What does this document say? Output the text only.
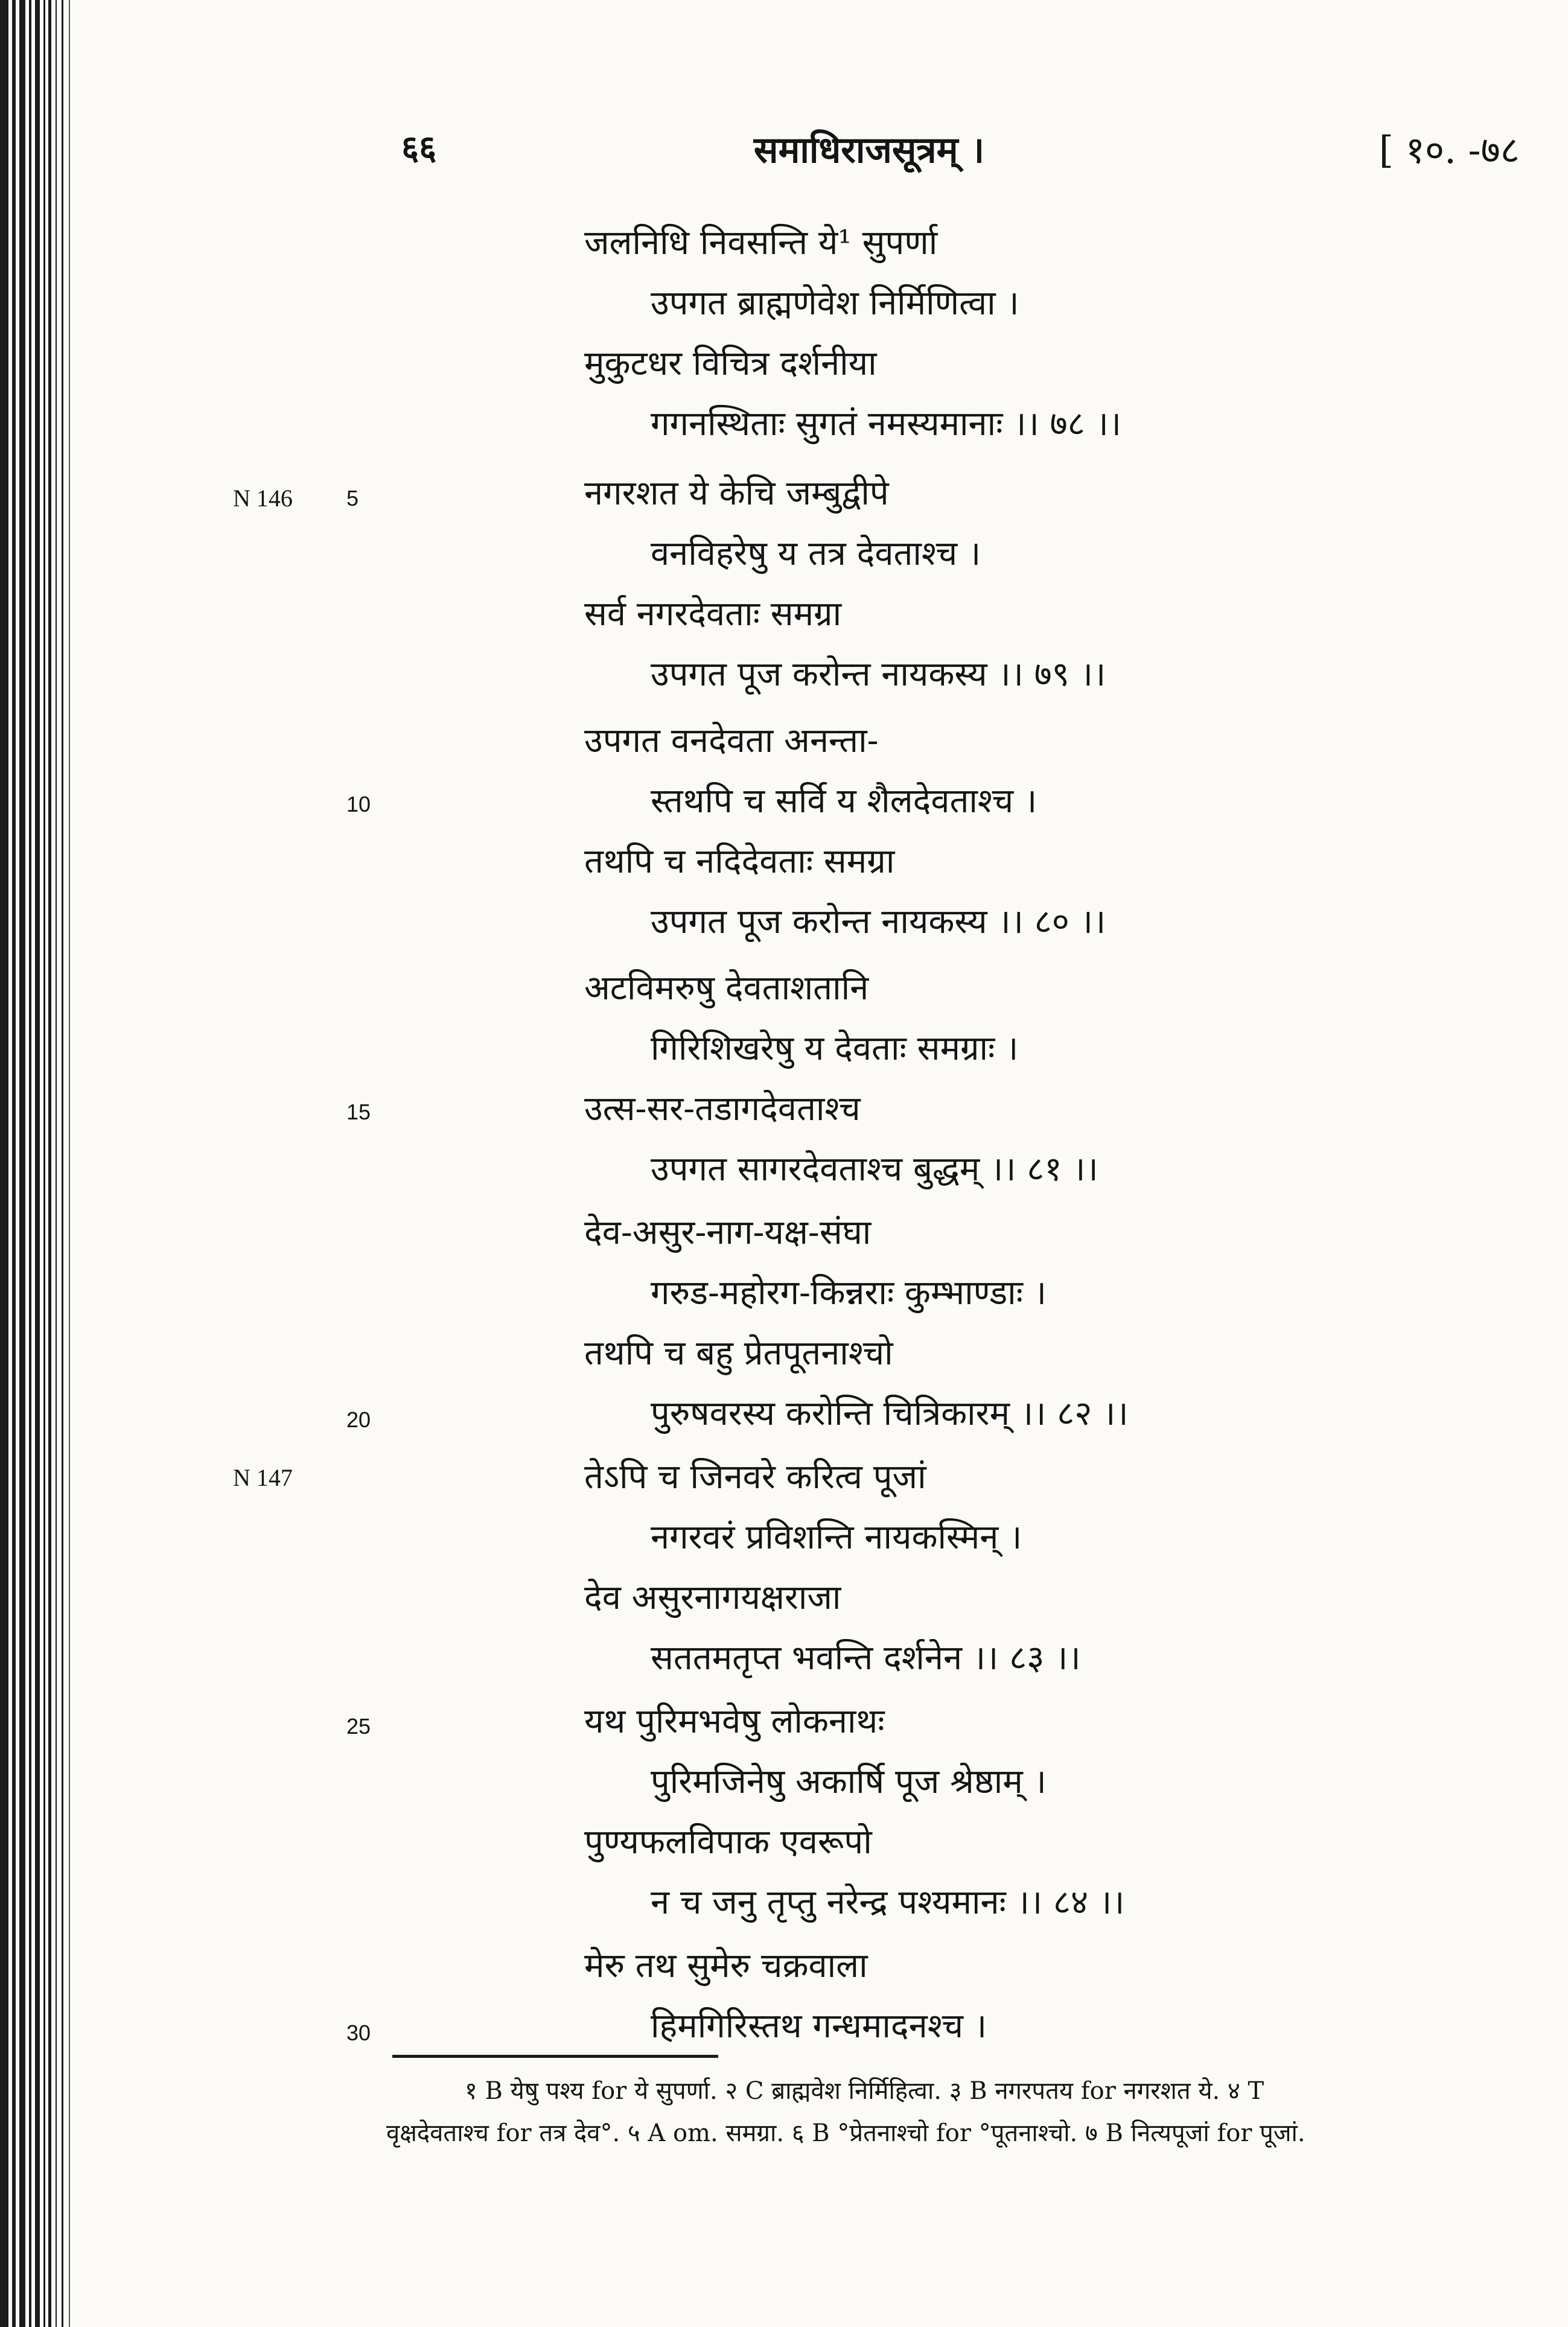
६६	समाधिराजसूत्रम् ।	[ १०. -७८
जलनिधि निवसन्ति ये¹ सुपर्णा
उपगत ब्राह्मणेवेश निर्मिणित्वा ।
मुकुटधर विचित्र दर्शनीया
गगनस्थिताः सुगतं नमस्यमानाः ।। ७८ ।।
नगरशत ये केचि जम्बुद्वीपे
वनविहरेषु य तत्र देवताश्च ।
सर्व नगरदेवताः समग्रा
उपगत पूज करोन्त नायकस्य ।। ७९ ।।
उपगत वनदेवता अनन्ता-
स्तथपि च सर्वि य शैलदेवताश्च ।
तथपि च नदिदेवताः समग्रा
उपगत पूज करोन्त नायकस्य ।। ८० ।।
अटविमरुषु देवताशतानि
गिरिशिखरेषु य देवताः समग्राः ।
उत्स-सर-तडागदेवताश्च
उपगत सागरदेवताश्च बुद्धम् ।। ८१ ।।
देव-असुर-नाग-यक्ष-संघा
गरुड-महोरग-किन्नराः कुम्भाण्डाः ।
तथपि च बहु प्रेतपूतनाश्चो
पुरुषवरस्य करोन्ति चित्रिकारम् ।। ८२ ।।
तेऽपि च जिनवरे करित्व पूजां
नगरवरं प्रविशन्ति नायकस्मिन् ।
देव असुरनागयक्षराजा
सततमतृप्त भवन्ति दर्शनेन ।। ८३ ।।
यथ पुरिमभवेषु लोकनाथः
पुरिमजिनेषु अकार्षि पूज श्रेष्ठाम् ।
पुण्यफलविपाक एवरूपो
न च जनु तृप्तु नरेन्द्र पश्यमानः ।। ८४ ।।
मेरु तथ सुमेरु चक्रवाला
हिमगिरिस्तथ गन्धमादनश्च ।
5
10
15
20
25
30
N 146
N 147
१ B येषु पश्य for ये सुपर्णा. २ C ब्राह्मवेश निर्मिहित्वा. ३ B नगरपतय for नगरशत ये. ४ T
वृक्षदेवताश्च for तत्र देव°. ५ A om. समग्रा. ६ B °प्रेतनाश्चो for °पूतनाश्चो. ७ B नित्यपूजां for पूजां.
